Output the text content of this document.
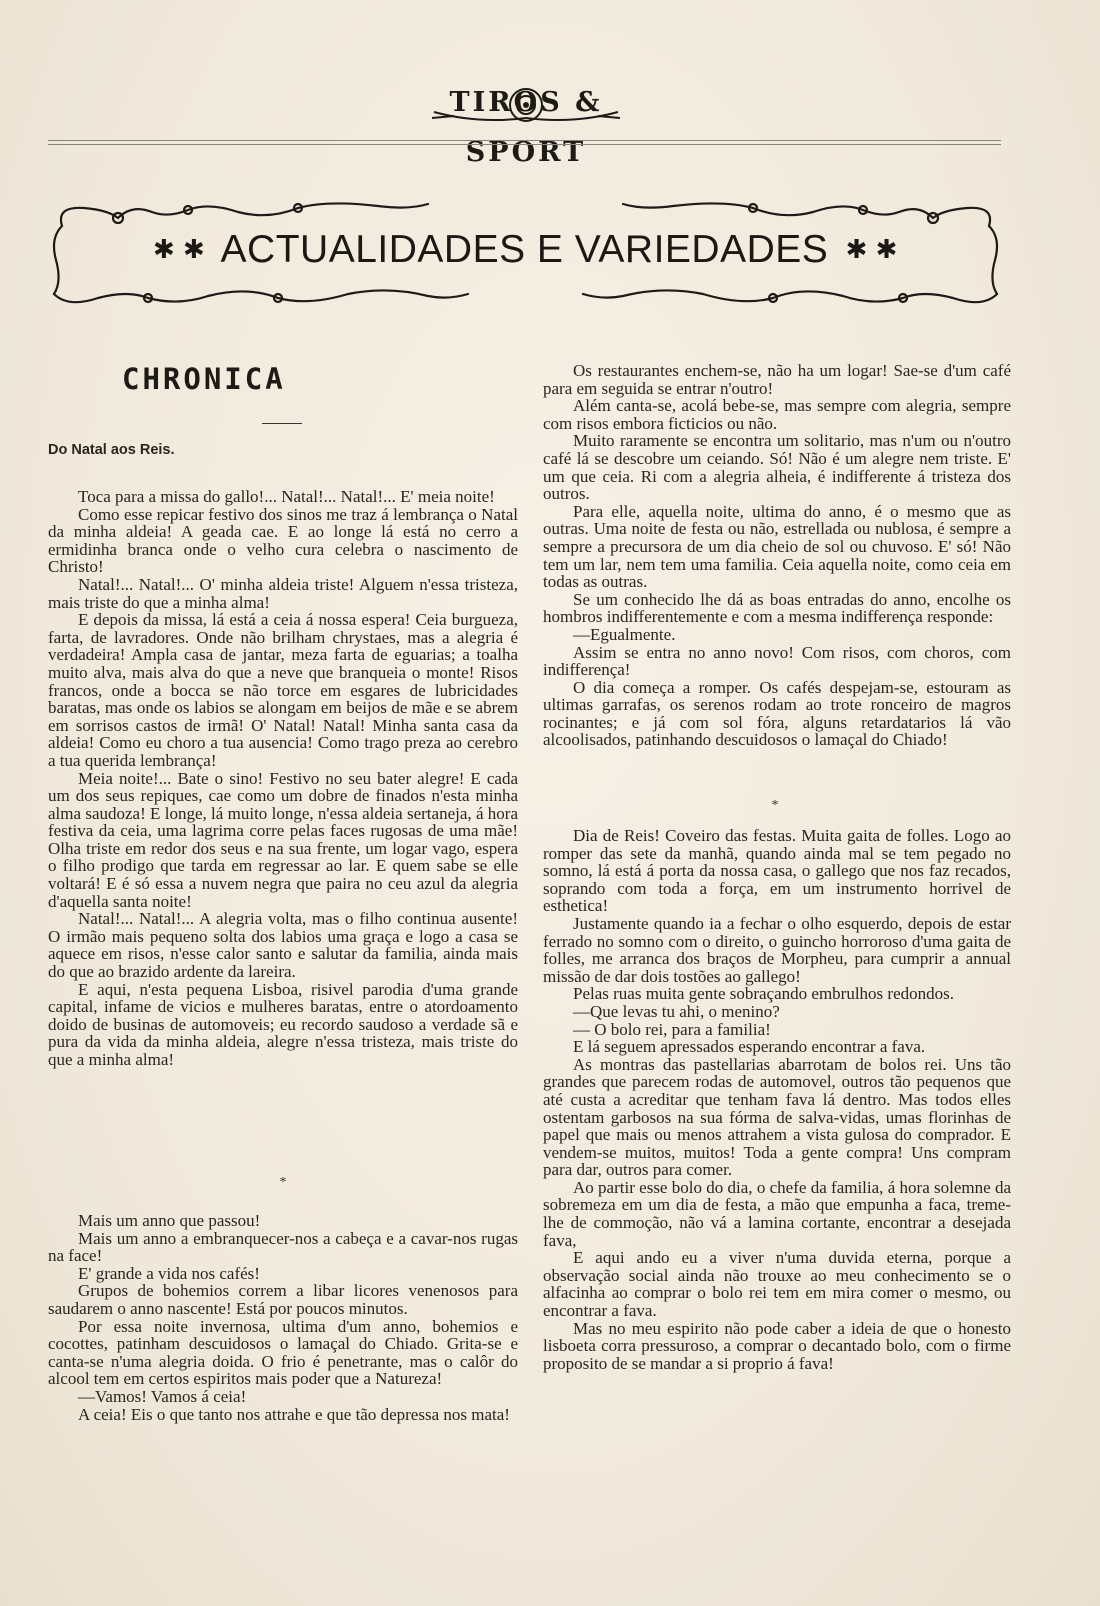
TIROS & SPORT
✱ ✱ ACTUALIDADES E VARIEDADES ✱ ✱
CHRONICA
Do Natal aos Reis.

Toca para a missa do gallo!... Natal!... Natal!... E' meia noite!

Como esse repicar festivo dos sinos me traz á lembrança o Natal da minha aldeia! A geada cae. E ao longe lá está no cerro a ermidinha branca onde o velho cura celebra o nascimento de Christo!

Natal!... Natal!... O' minha aldeia triste! Alguem n'essa tristeza, mais triste do que a minha alma!

E depois da missa, lá está a ceia á nossa espera! Ceia burgueza, farta, de lavradores. Onde não brilham chrystaes, mas a alegria é verdadeira! Ampla casa de jantar, meza farta de eguarias; a toalha muito alva, mais alva do que a neve que branqueia o monte! Risos francos, onde a bocca se não torce em esgares de lubricidades baratas, mas onde os labios se alongam em beijos de mãe e se abrem em sorrisos castos de irmã! O' Natal! Natal! Minha santa casa da aldeia! Como eu choro a tua ausencia! Como trago preza ao cerebro a tua querida lembrança!

Meia noite!... Bate o sino! Festivo no seu bater alegre! E cada um dos seus repiques, cae como um dobre de finados n'esta minha alma saudoza! E longe, lá muito longe, n'essa aldeia sertaneja, á hora festiva da ceia, uma lagrima corre pelas faces rugosas de uma mãe! Olha triste em redor dos seus e na sua frente, um logar vago, espera o filho prodigo que tarda em regressar ao lar. E quem sabe se elle voltará! E é só essa a nuvem negra que paira no ceu azul da alegria d'aquella santa noite!

Natal!... Natal!... A alegria volta, mas o filho continua ausente! O irmão mais pequeno solta dos labios uma graça e logo a casa se aquece em risos, n'esse calor santo e salutar da familia, ainda mais do que ao brazido ardente da lareira.

E aqui, n'esta pequena Lisboa, risivel parodia d'uma grande capital, infame de vicios e mulheres baratas, entre o atordoamento doido de businas de automoveis; eu recordo saudoso a verdade sã e pura da vida da minha aldeia, alegre n'essa tristeza, mais triste do que a minha alma!

*

Mais um anno que passou!

Mais um anno a embranquecer-nos a cabeça e a cavar-nos rugas na face!

E' grande a vida nos cafés!

Grupos de bohemios correm a libar licores venenosos para saudarem o anno nascente! Está por poucos minutos.

Por essa noite invernosa, ultima d'um anno, bohemios e cocottes, patinham descuidosos o lamaçal do Chiado. Grita-se e canta-se n'uma alegria doida. O frio é penetrante, mas o calôr do alcool tem em certos espiritos mais poder que a Natureza!

—Vamos! Vamos á ceia!

A ceia! Eis o que tanto nos attrahe e que tão depressa nos mata!

Os restaurantes enchem-se, não ha um logar! Sae-se d'um café para em seguida se entrar n'outro!

Além canta-se, acolá bebe-se, mas sempre com alegria, sempre com risos embora ficticios ou não.

Muito raramente se encontra um solitario, mas n'um ou n'outro café lá se descobre um ceiando. Só! Não é um alegre nem triste. E' um que ceia. Ri com a alegria alheia, é indifferente á tristeza dos outros.

Para elle, aquella noite, ultima do anno, é o mesmo que as outras. Uma noite de festa ou não, estrellada ou nublosa, é sempre a sempre a precursora de um dia cheio de sol ou chuvoso. E' só! Não tem um lar, nem tem uma familia. Ceia aquella noite, como ceia em todas as outras.

Se um conhecido lhe dá as boas entradas do anno, encolhe os hombros indifferentemente e com a mesma indifferença responde:

—Egualmente.

Assim se entra no anno novo! Com risos, com choros, com indifferença!

O dia começa a romper. Os cafés despejam-se, estouram as ultimas garrafas, os serenos rodam ao trote ronceiro de magros rocinantes; e já com sol fóra, alguns retardatarios lá vão alcoolisados, patinhando descuidosos o lamaçal do Chiado!

*

Dia de Reis! Coveiro das festas. Muita gaita de folles. Logo ao romper das sete da manhã, quando ainda mal se tem pegado no somno, lá está á porta da nossa casa, o gallego que nos faz recados, soprando com toda a força, em um instrumento horrivel de esthetica!

Justamente quando ia a fechar o olho esquerdo, depois de estar ferrado no somno com o direito, o guincho horroroso d'uma gaita de folles, me arranca dos braços de Morpheu, para cumprir a annual missão de dar dois tostões ao gallego!

Pelas ruas muita gente sobraçando embrulhos redondos.

—Que levas tu ahi, o menino?

— O bolo rei, para a familia!

E lá seguem apressados esperando encontrar a fava.

As montras das pastellarias abarrotam de bolos rei. Uns tão grandes que parecem rodas de automovel, outros tão pequenos que até custa a acreditar que tenham fava lá dentro. Mas todos elles ostentam garbosos na sua fórma de salva-vidas, umas florinhas de papel que mais ou menos attrahem a vista gulosa do comprador. E vendem-se muitos, muitos! Toda a gente compra! Uns compram para dar, outros para comer.

Ao partir esse bolo do dia, o chefe da familia, á hora solemne da sobremeza em um dia de festa, a mão que empunha a faca, treme-lhe de commoção, não vá a lamina cortante, encontrar a desejada fava,

E aqui ando eu a viver n'uma duvida eterna, porque a observação social ainda não trouxe ao meu conhecimento se o alfacinha ao comprar o bolo rei tem em mira comer o mesmo, ou encontrar a fava.

Mas no meu espirito não pode caber a ideia de que o honesto lisboeta corra pressuroso, a comprar o decantado bolo, com o firme proposito de se mandar a si proprio á fava!
